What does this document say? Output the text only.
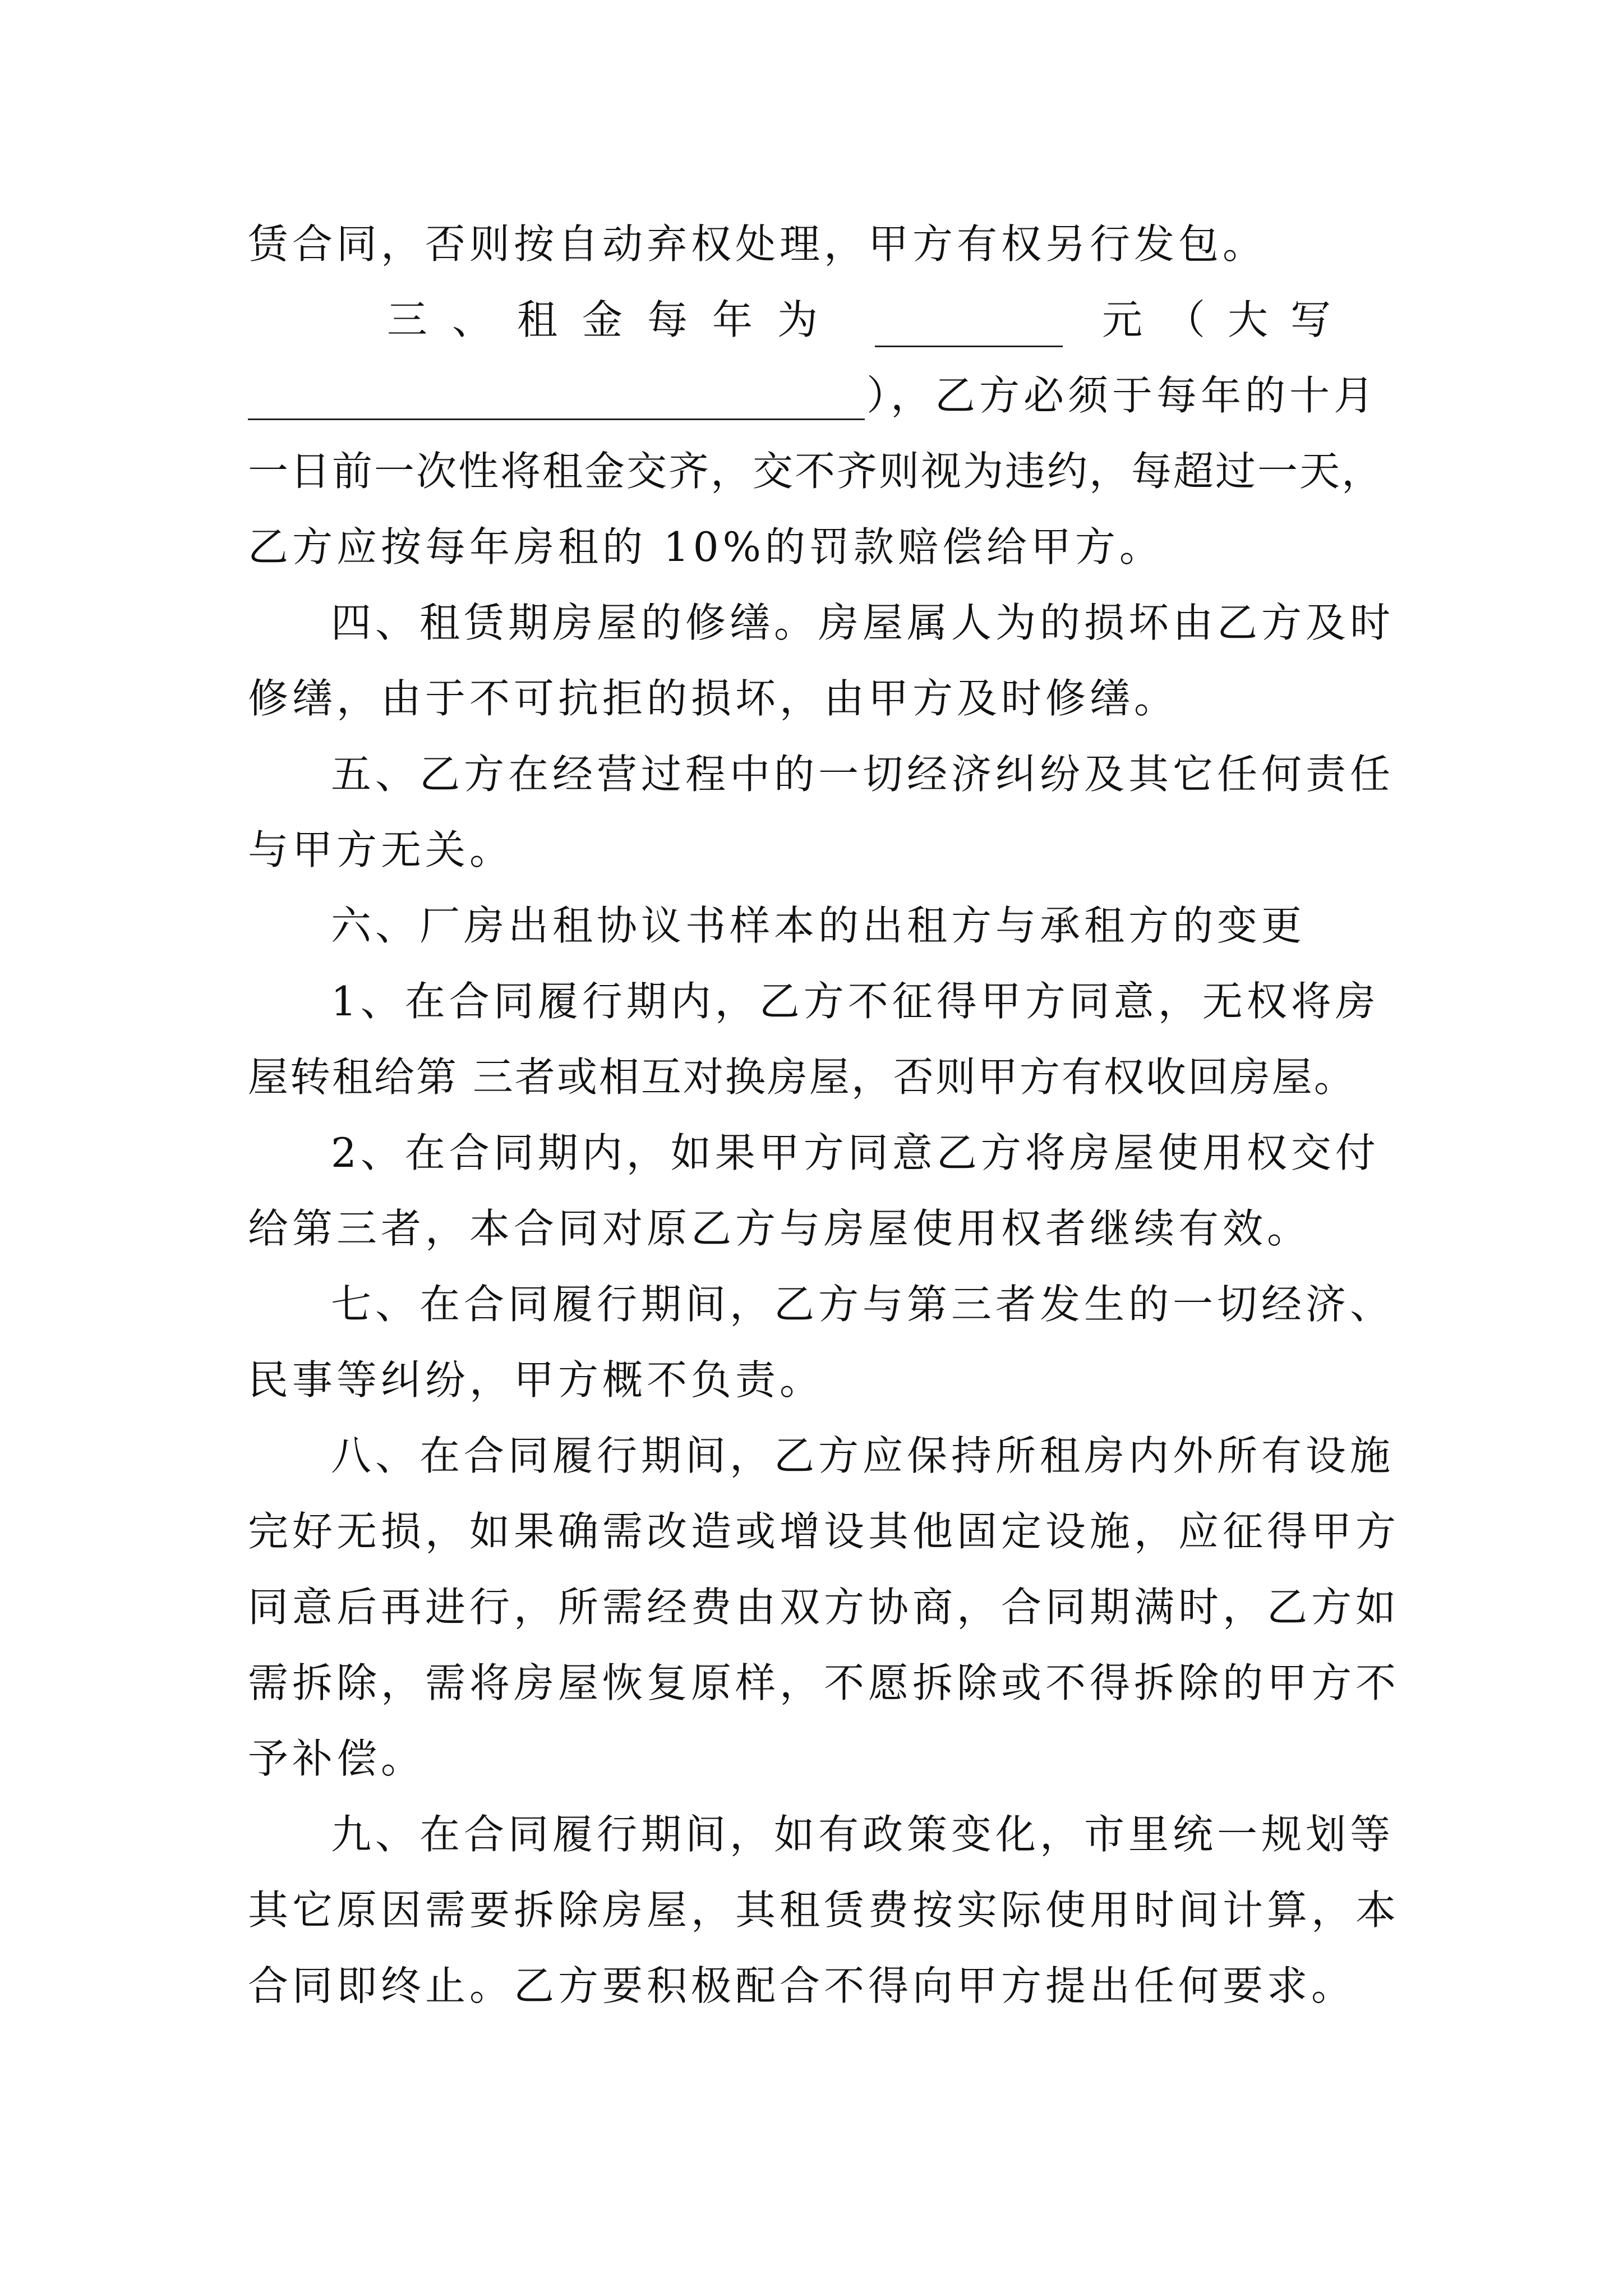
赁合同，否则按自动弃权处理，甲方有权另行发包。
三、租金每年为	元（大写
），乙方必须于每年的十月
一日前一次性将租金交齐，交不齐则视为违约，每超过一天，
乙方应按每年房租的 10%的罚款赔偿给甲方。
四、租赁期房屋的修缮。房屋属人为的损坏由乙方及时
修缮，由于不可抗拒的损坏，由甲方及时修缮。
五、乙方在经营过程中的一切经济纠纷及其它任何责任
与甲方无关。
六、厂房出租协议书样本的出租方与承租方的变更
1、在合同履行期内，乙方不征得甲方同意，无权将房
屋转租给第 三者或相互对换房屋，否则甲方有权收回房屋。
2、在合同期内，如果甲方同意乙方将房屋使用权交付
给第三者，本合同对原乙方与房屋使用权者继续有效。
七、在合同履行期间，乙方与第三者发生的一切经济、
民事等纠纷，甲方概不负责。
八、在合同履行期间，乙方应保持所租房内外所有设施
完好无损，如果确需改造或增设其他固定设施，应征得甲方
同意后再进行，所需经费由双方协商，合同期满时，乙方如
需拆除，需将房屋恢复原样，不愿拆除或不得拆除的甲方不
予补偿。
九、在合同履行期间，如有政策变化，市里统一规划等
其它原因需要拆除房屋，其租赁费按实际使用时间计算，本
合同即终止。乙方要积极配合不得向甲方提出任何要求。
